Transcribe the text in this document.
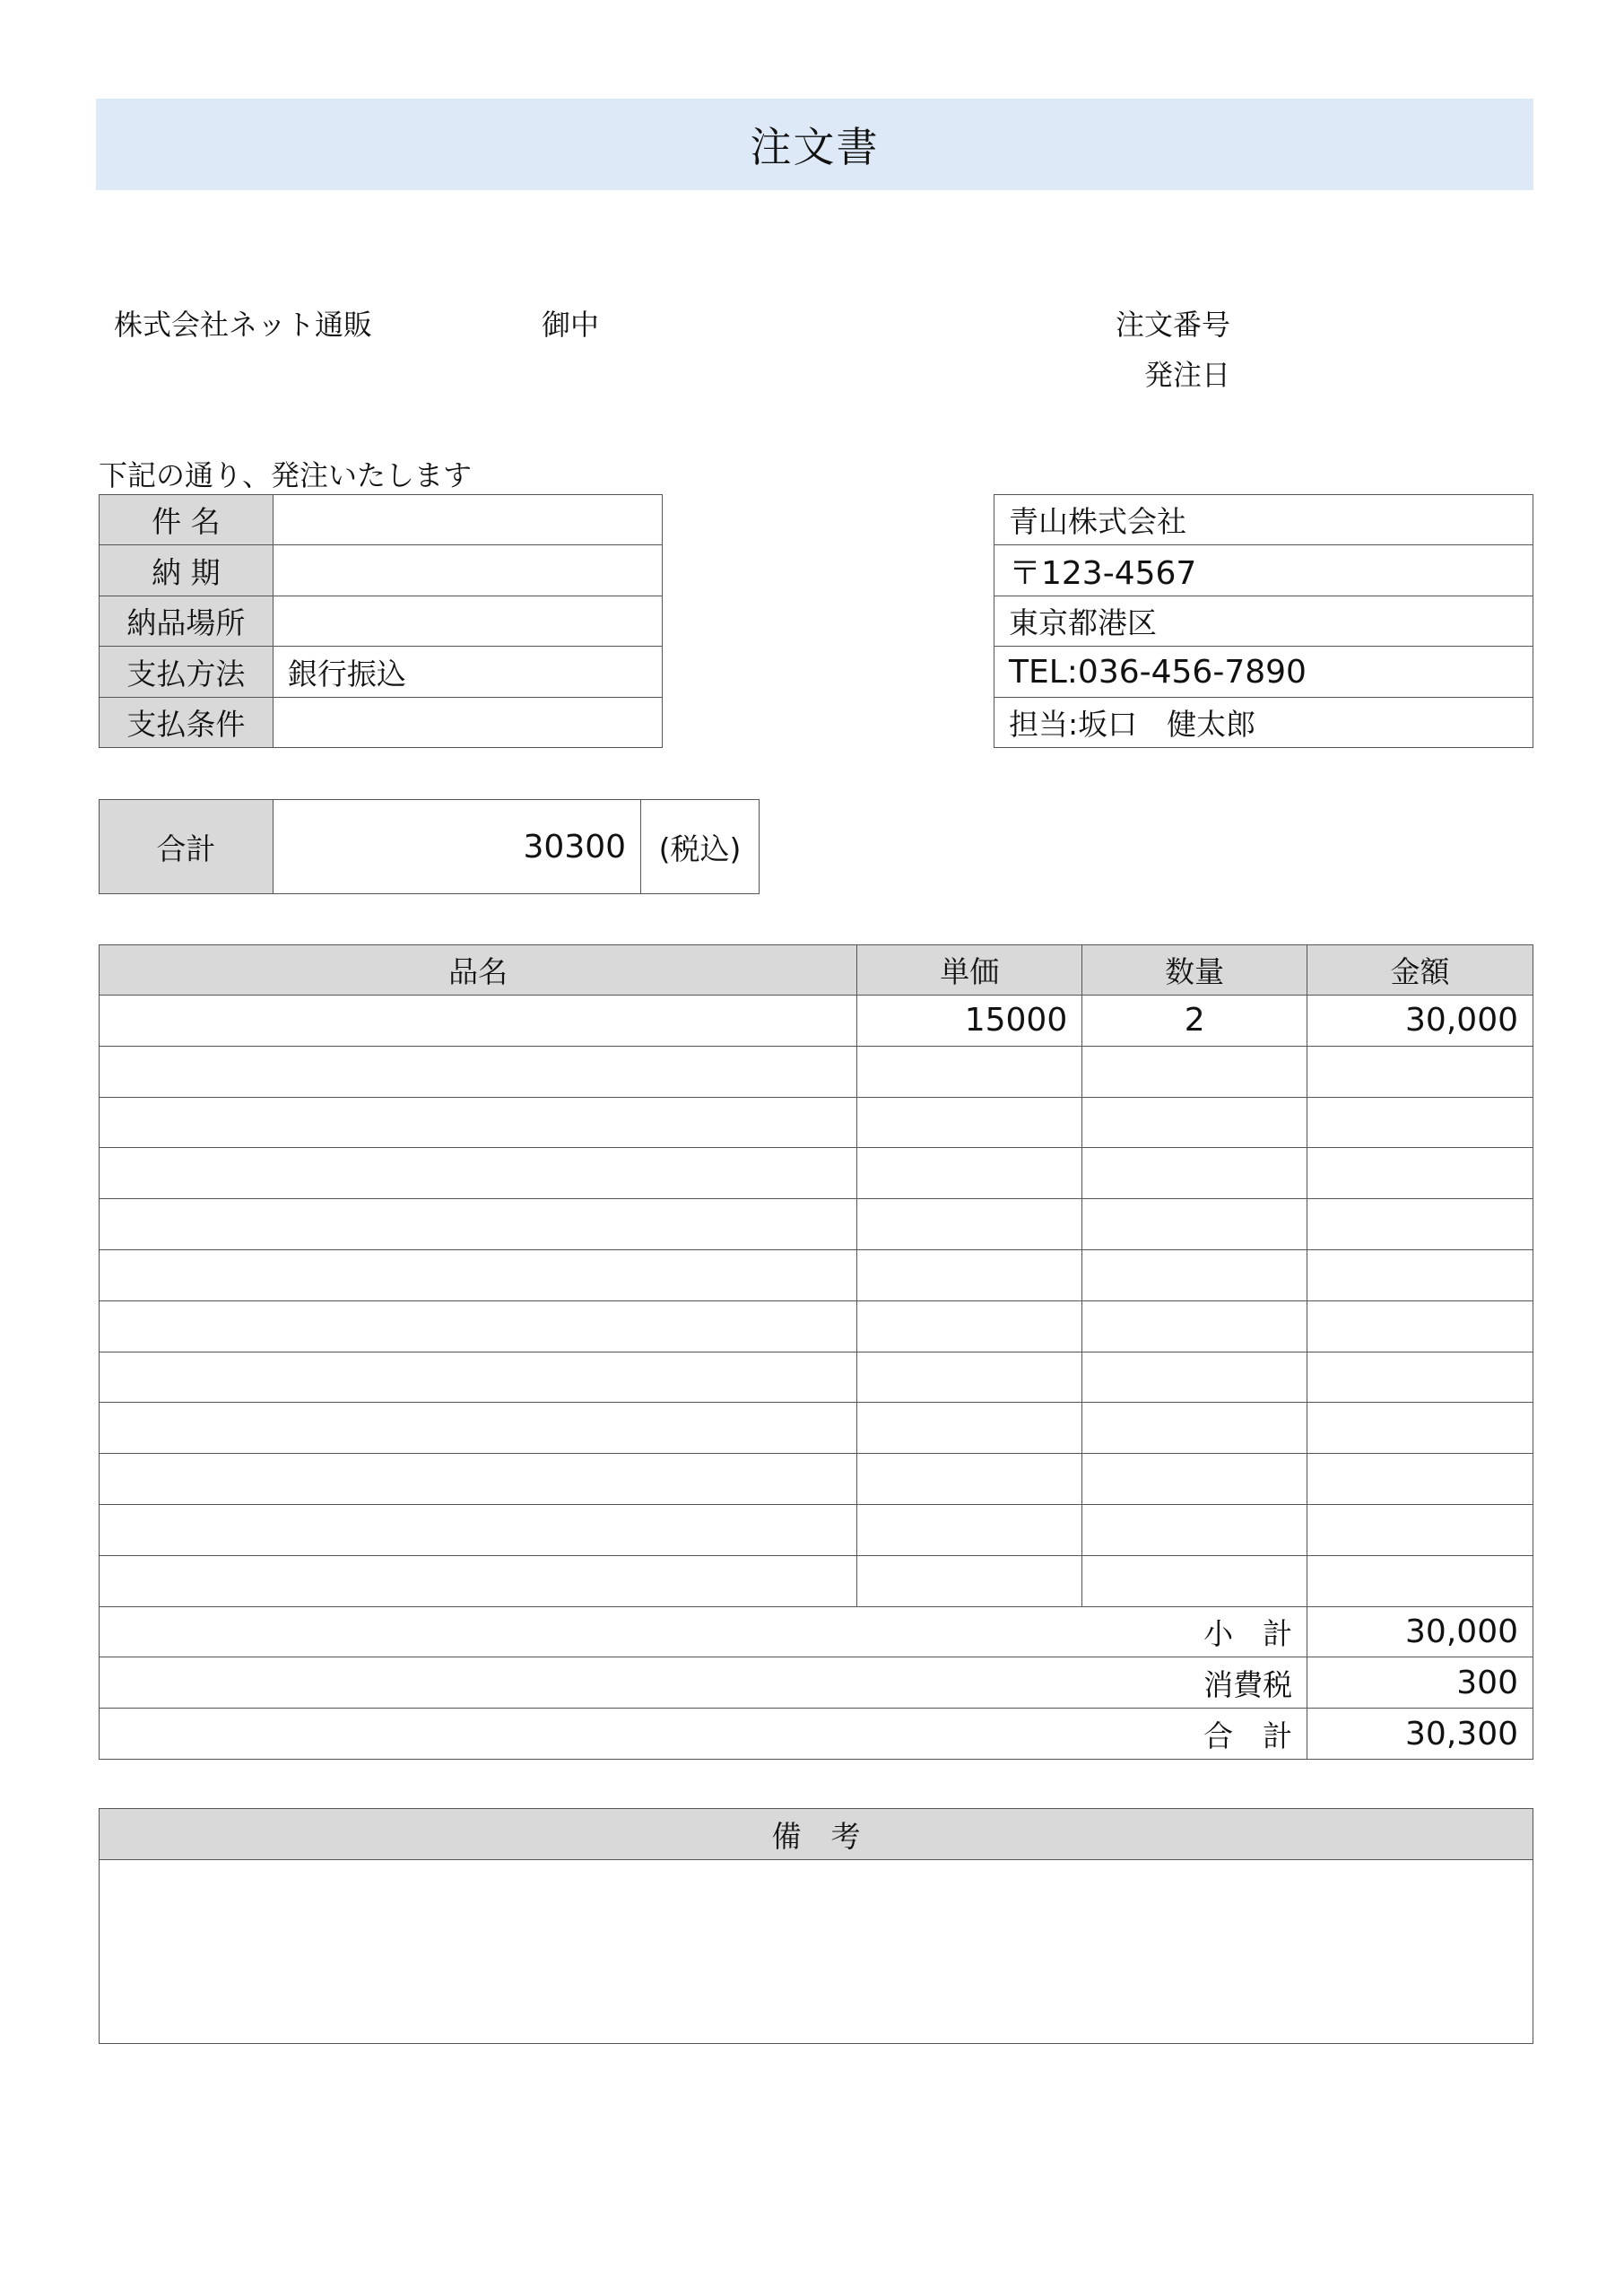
注文書
株式会社ネット通販	御中	注文番号
発注日
下記の通り、発注いたします
件 名	
納 期	
納品場所	
支払方法	銀行振込
支払条件	
青山株式会社
〒123-4567
東京都港区
TEL:036-456-7890
担当:坂口　健太郎
合計	30300	(税込)
品名	単価	数量	金額
	15000	2	30,000

小　計			30,000
消費税			300
合　計			30,300
備　考
